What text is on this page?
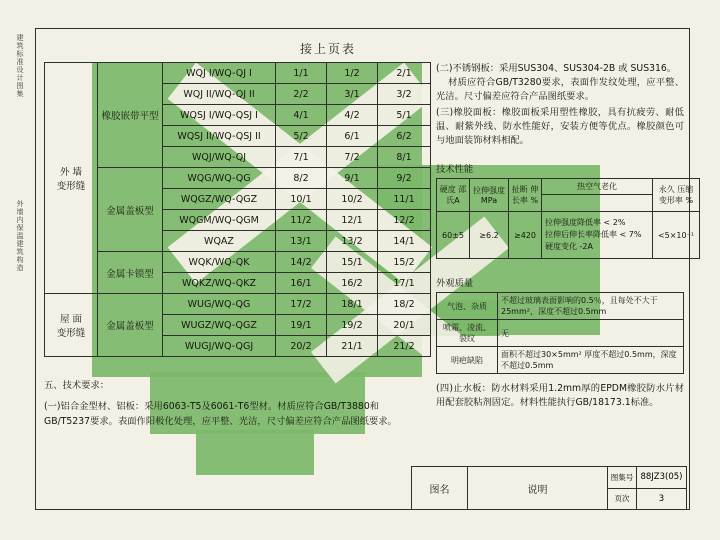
建筑标准设计图集
外墙内保温建筑构造
接上页表
外 墙
变形缝	橡胶嵌带平型	WQJ I/WQ-QJ I	1/1	1/2	2/1
		WQJ II/WQ-QJ II	2/2	3/1	3/2
		WQSJ I/WQ-QSJ I	4/1	4/2	5/1
		WQSJ II/WQ-QSJ II	5/2	6/1	6/2
		WQJ/WQ-QJ	7/1	7/2	8/1
	金属盖板型	WQG/WQ-QG	8/2	9/1	9/2
		WQGZ/WQ-QGZ	10/1	10/2	11/1
		WQGM/WQ-QGM	11/2	12/1	12/2
		WQAZ	13/1	13/2	14/1
	金属卡锁型	WQK/WQ-QK	14/2	15/1	15/2
		WQKZ/WQ-QKZ	16/1	16/2	17/1
屋 面
变形缝	金属盖板型	WUG/WQ-QG	17/2	18/1	18/2
		WUGZ/WQ-QGZ	19/1	19/2	20/1
		WUGJ/WQ-QGJ	20/2	21/1	21/2
(二)不锈钢板：采用SUS304、SUS304-2B 或 SUS316。
材质应符合GB/T3280要求，表面作发纹处理，应平整、光洁。尺寸偏差应符合产品图纸要求。
(三)橡胶面板：橡胶面板采用塑性橡胶，具有抗疲劳、耐低温、耐紫外线、防水性能好，安装方便等优点。橡胶颜色可与地面装饰材料相配。
技术性能
硬度 邵氏A	拉伸强度 MPa	扯断 伸长率 %	热空气老化	永久 压缩 变形率 %

60±5	≥6.2	≥420	拉伸强度降低率 < 2%
拉伸后伸长率降低率 < 7%
硬度变化 -2A	<5×10⁻¹
外观质量
气泡、杂质	不超过玻璃表面影响的0.5％，且每处不大于25mm²，深度不超过0.5mm
喷霜、凌流、裂纹	无
明疤缺陷	面积不超过30×5mm² 厚度不超过0.5mm，深度不超过0.5mm
(四)止水板：防水材料采用1.2mm厚的EPDM橡胶防水片材用配套胶粘剂固定。材料性能执行GB/18173.1标准。
五、技术要求：
(一)铝合金型材、铝板：采用6063-T5及6061-T6型材。材质应符合GB/T3880和GB/T5237要求。表面作阳极化处理，应平整、光洁，尺寸偏差应符合产品图纸要求。
图名	说明
图集号 88JZ3(05)
页次	3
